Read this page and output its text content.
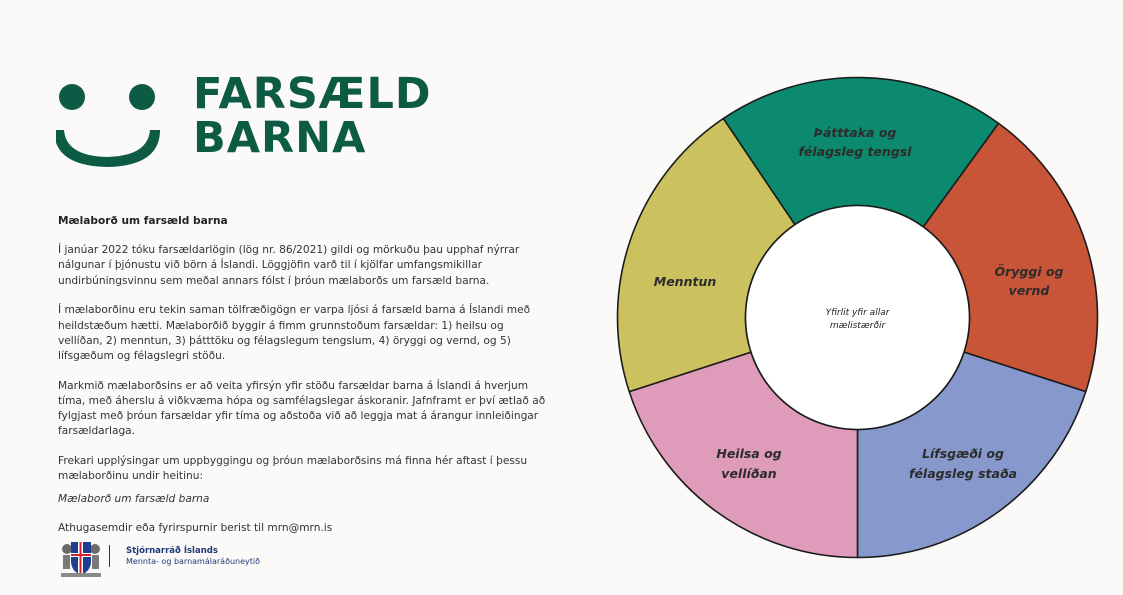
FARSÆLD
BARNA

Mælaborð um farsæld barna

Í janúar 2022 tóku farsældarlögin (lög nr. 86/2021) gildi og mörkuðu þau upphaf nýrrar nálgunar í þjónustu við börn á Íslandi. Löggjöfin varð til í kjölfar umfangsmikillar undirbúningsvinnu sem meðal annars fólst í þróun mælaborðs um farsæld barna.

Í mælaborðinu eru tekin saman tölfræðigögn er varpa ljósi á farsæld barna á Íslandi með heildstæðum hætti. Mælaborðið byggir á fimm grunnstoðum farsældar: 1) heilsu og vellíðan, 2) menntun, 3) þátttöku og félagslegum tengslum, 4) öryggi og vernd, og 5) lífsgæðum og félagslegri stöðu.

Markmið mælaborðsins er að veita yfirsýn yfir stöðu farsældar barna á Íslandi á hverjum tíma, með áherslu á viðkvæma hópa og samfélagslegar áskoranir. Jafnframt er því ætlað að fylgjast með þróun farsældar yfir tíma og aðstoða við að leggja mat á árangur innleiðingar farsældarlaga.

Frekari upplýsingar um uppbyggingu og þróun mælaborðsins má finna hér aftast í þessu mælaborðinu undir heitinu:

Mælaborð um farsæld barna

Athugasemdir eða fyrirspurnir berist til mrn@mrn.is

Stjórnarráð Íslands
Mennta- og barnamálaráðuneytið
Þátttaka og
félagsleg tengsl
Öryggi og
vernd
Lífsgæði og
félagsleg staða
Heilsa og
vellíðan
Menntun
Yfirlit yfir allar
mælistærðir
